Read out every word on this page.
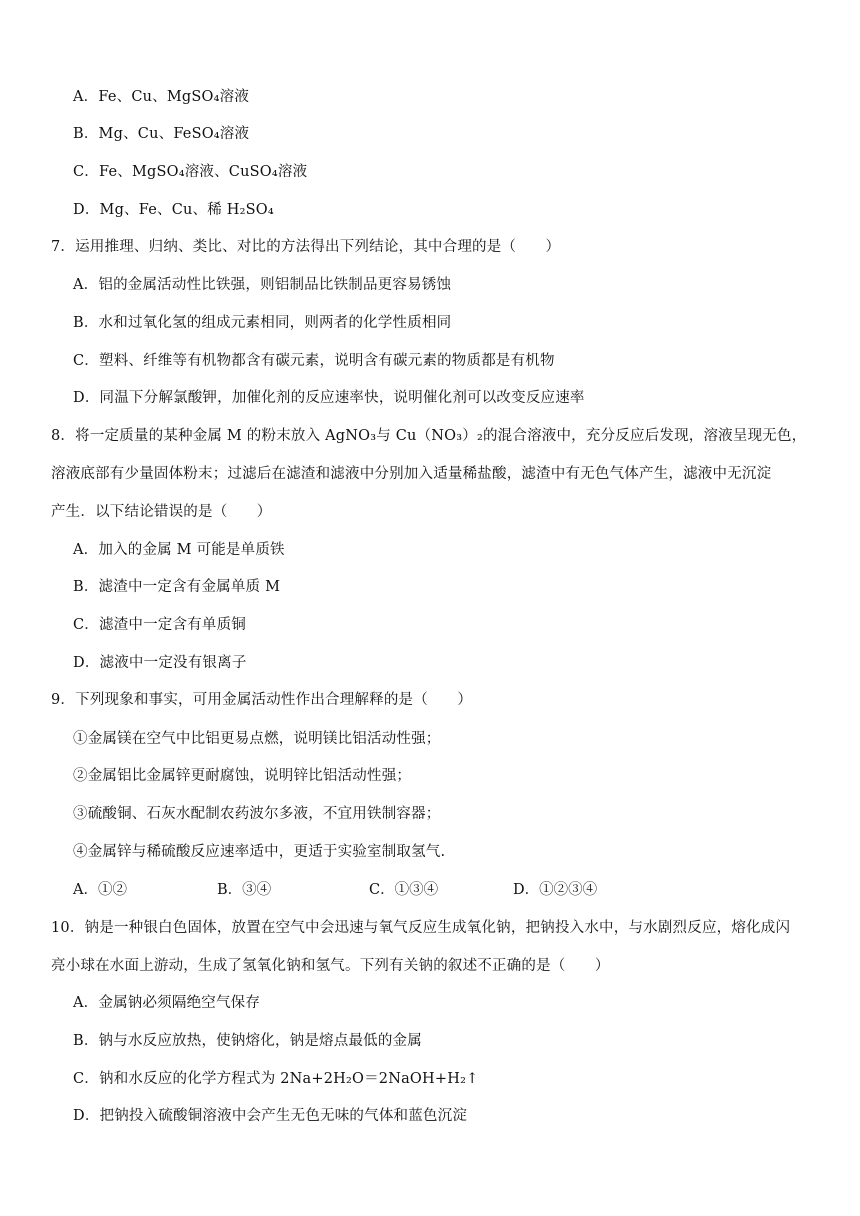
A．Fe、Cu、MgSO₄溶液
B．Mg、Cu、FeSO₄溶液
C．Fe、MgSO₄溶液、CuSO₄溶液
D．Mg、Fe、Cu、稀 H₂SO₄
7．运用推理、归纳、类比、对比的方法得出下列结论，其中合理的是（　　）
A．铝的金属活动性比铁强，则铝制品比铁制品更容易锈蚀
B．水和过氧化氢的组成元素相同，则两者的化学性质相同
C．塑料、纤维等有机物都含有碳元素，说明含有碳元素的物质都是有机物
D．同温下分解氯酸钾，加催化剂的反应速率快，说明催化剂可以改变反应速率
8．将一定质量的某种金属 M 的粉末放入 AgNO₃与 Cu（NO₃）₂的混合溶液中，充分反应后发现，溶液呈现无色，
溶液底部有少量固体粉末；过滤后在滤渣和滤液中分别加入适量稀盐酸，滤渣中有无色气体产生，滤液中无沉淀
产生．以下结论错误的是（　　）
A．加入的金属 M 可能是单质铁
B．滤渣中一定含有金属单质 M
C．滤渣中一定含有单质铜
D．滤液中一定没有银离子
9．下列现象和事实，可用金属活动性作出合理解释的是（　　）
①金属镁在空气中比铝更易点燃，说明镁比铝活动性强；
②金属铝比金属锌更耐腐蚀，说明锌比铝活动性强；
③硫酸铜、石灰水配制农药波尔多液，不宜用铁制容器；
④金属锌与稀硫酸反应速率适中，更适于实验室制取氢气.
A．①②	B．③④	C．①③④	D．①②③④
10．钠是一种银白色固体，放置在空气中会迅速与氧气反应生成氧化钠，把钠投入水中，与水剧烈反应，熔化成闪
亮小球在水面上游动，生成了氢氧化钠和氢气。下列有关钠的叙述不正确的是（　　）
A．金属钠必须隔绝空气保存
B．钠与水反应放热，使钠熔化，钠是熔点最低的金属
C．钠和水反应的化学方程式为 2Na+2H₂O＝2NaOH+H₂↑
D．把钠投入硫酸铜溶液中会产生无色无味的气体和蓝色沉淀
